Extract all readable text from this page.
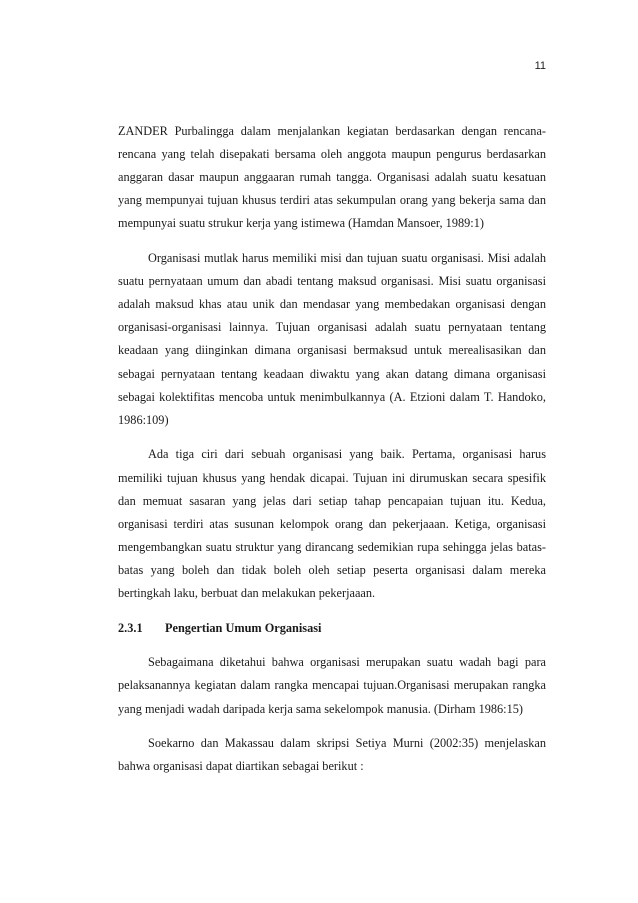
11

ZANDER Purbalingga dalam menjalankan kegiatan berdasarkan dengan rencana-rencana yang telah disepakati bersama oleh anggota maupun pengurus berdasarkan anggaran dasar maupun anggaaran rumah tangga. Organisasi adalah suatu kesatuan yang mempunyai tujuan khusus terdiri atas sekumpulan orang yang bekerja sama dan mempunyai suatu strukur kerja yang istimewa (Hamdan Mansoer, 1989:1)

Organisasi mutlak harus memiliki misi dan tujuan suatu organisasi. Misi adalah suatu pernyataan umum dan abadi tentang maksud organisasi. Misi suatu organisasi adalah maksud khas atau unik dan mendasar yang membedakan organisasi dengan organisasi-organisasi lainnya. Tujuan organisasi adalah suatu pernyataan tentang keadaan yang diinginkan dimana organisasi bermaksud untuk merealisasikan dan sebagai pernyataan tentang keadaan diwaktu yang akan datang dimana organisasi sebagai kolektifitas mencoba untuk menimbulkannya (A. Etzioni dalam T. Handoko, 1986:109)

Ada tiga ciri dari sebuah organisasi yang baik. Pertama, organisasi harus memiliki tujuan khusus yang hendak dicapai. Tujuan ini dirumuskan secara spesifik dan memuat sasaran yang jelas dari setiap tahap pencapaian tujuan itu. Kedua, organisasi terdiri atas susunan kelompok orang dan pekerjaaan. Ketiga, organisasi mengembangkan suatu struktur yang dirancang sedemikian rupa sehingga jelas batas-batas yang boleh dan tidak boleh oleh setiap peserta organisasi dalam mereka bertingkah laku, berbuat dan melakukan pekerjaaan.

2.3.1	Pengertian Umum Organisasi

Sebagaimana diketahui bahwa organisasi merupakan suatu wadah bagi para pelaksanannya kegiatan dalam rangka mencapai tujuan.Organisasi merupakan rangka yang menjadi wadah daripada kerja sama sekelompok manusia. (Dirham 1986:15)

Soekarno dan Makassau dalam skripsi Setiya Murni (2002:35) menjelaskan bahwa organisasi dapat diartikan sebagai berikut :
